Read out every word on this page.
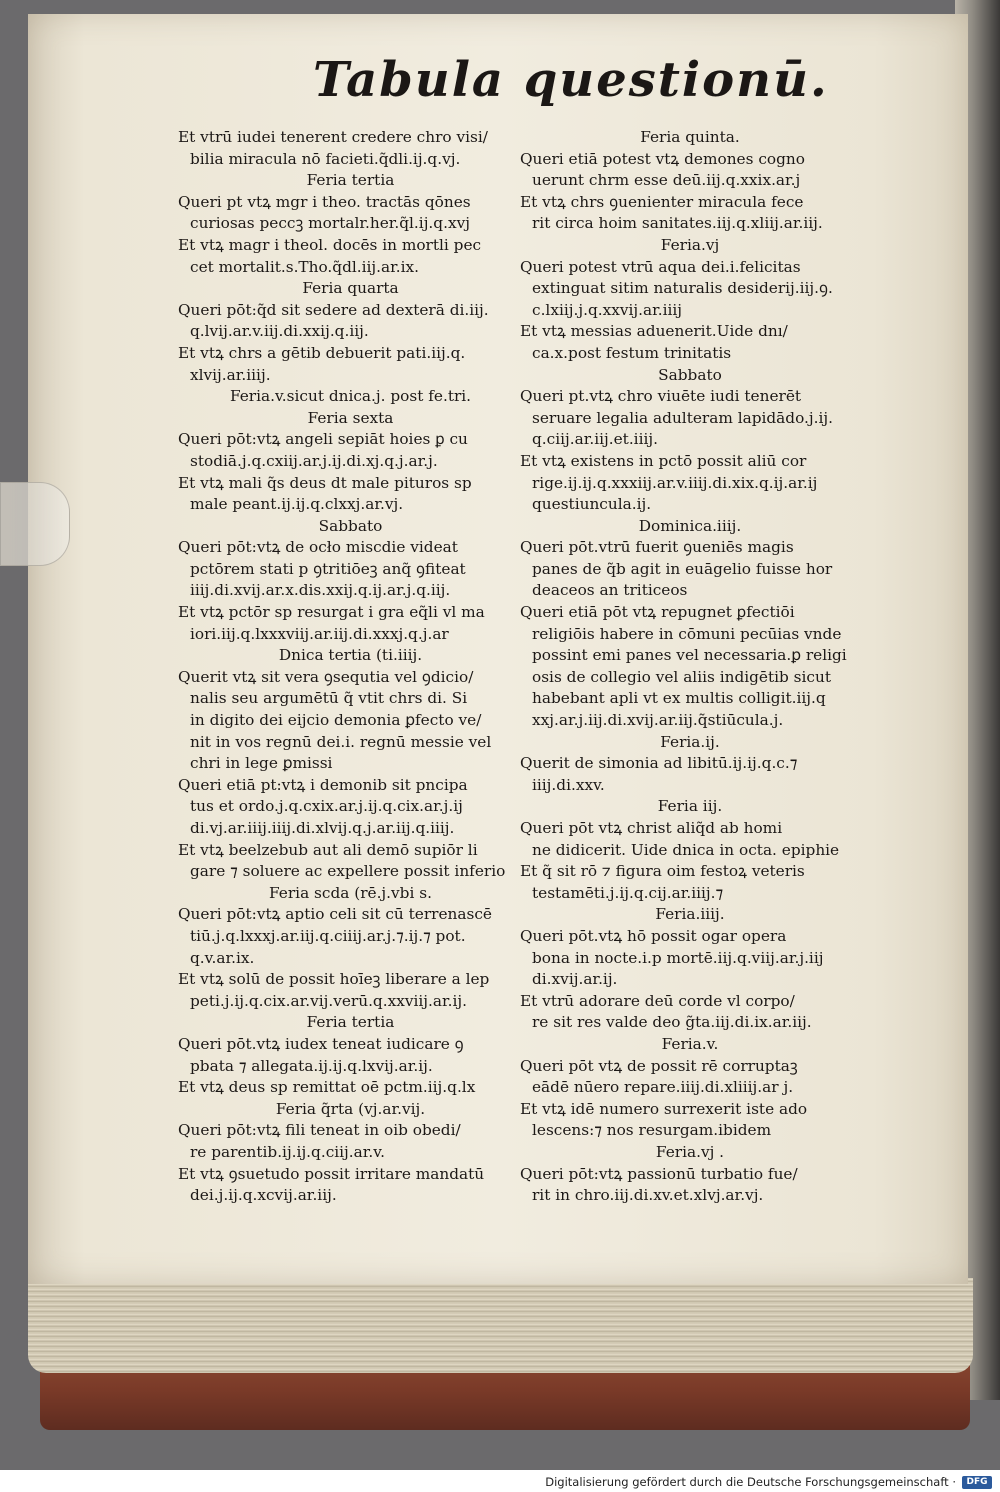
Tabula questionū.
Et vtrū iudei tenerent credere chro visi/
bilia miracula nō facieti.q̃dli.ij.q.vj.
Feria tertia
Queri pt vtꝝ mgr i theo. tractās qōnes
curiosas peccꝫ mortalr.her.q̃l.ij.q.xvj
Et vtꝝ magr i theol. docēs in mortli pec
cet mortalit.s.Tho.q̃dl.iij.ar.ix.
Feria quarta
Queri pōt:q̃d sit sedere ad dexterā di.iij.
q.lvij.ar.v.iij.di.xxij.q.iij.
Et vtꝝ chrs a gētib debuerit pati.iij.q.
xlvij.ar.iiij.
Feria.v.sicut dnica.j. post fe.tri.
Feria sexta
Queri pōt:vtꝝ angeli sepiāt hoies ꝑ cu
stodiā.j.q.cxiij.ar.j.ij.di.xj.q.j.ar.j.
Et vtꝝ mali q̃s deus dt male pituros sp
male peant.ij.ij.q.clxxj.ar.vj.
Sabbato
Queri pōt:vtꝝ de ocło miscdie videat
pctōrem stati p ꝯtritiōeꝫ anq̃ ꝯfiteat
iiij.di.xvij.ar.x.dis.xxij.q.ij.ar.j.q.iij.
Et vtꝝ pctōr sp resurgat i gra eq̃li vl ma
iori.iij.q.lxxxviij.ar.iij.di.xxxj.q.j.ar
Dnica tertia (ti.iiij.
Querit vtꝝ sit vera ꝯsequtia vel ꝯdicio/
nalis seu argumētū q̃ vtit chrs di. Si
in digito dei eijcio demonia ꝑfecto ve/
nit in vos regnū dei.i. regnū messie vel
chri in lege ꝑmissi
Queri etiā pt:vtꝝ i demonib sit pncipa
tus et ordo.j.q.cxix.ar.j.ij.q.cix.ar.j.ij
di.vj.ar.iiij.iiij.di.xlvij.q.j.ar.iij.q.iiij.
Et vtꝝ beelzebub aut ali demō supiōr li
gare ⁊ soluere ac expellere possit inferio
Feria scda (rē.j.vbi s.
Queri pōt:vtꝝ aptio celi sit cū terrenascē
tiū.j.q.lxxxj.ar.iij.q.ciiij.ar.j.⁊.ij.⁊ pot.
q.v.ar.ix.
Et vtꝝ solū de possit hoīeꝫ liberare a lep
peti.j.ij.q.cix.ar.vij.verū.q.xxviij.ar.ij.
Feria tertia
Queri pōt.vtꝝ iudex teneat iudicare ꝯ
pbata ⁊ allegata.ij.ij.q.lxvij.ar.ij.
Et vtꝝ deus sp remittat oē pctm.iij.q.lx
Feria q̃rta (vj.ar.vij.
Queri pōt:vtꝝ fili teneat in oib obedi/
re parentib.ij.ij.q.ciij.ar.v.
Et vtꝝ ꝯsuetudo possit irritare mandatū
dei.j.ij.q.xcvij.ar.iij.
Feria quinta.
Queri etiā potest vtꝝ demones cogno
uerunt chrm esse deū.iij.q.xxix.ar.j
Et vtꝝ chrs ꝯuenienter miracula fece
rit circa hoim sanitates.iij.q.xliij.ar.iij.
Feria.vj
Queri potest vtrū aqua dei.i.felicitas
extinguat sitim naturalis desiderij.iij.ꝯ.
c.lxiij.j.q.xxvij.ar.iiij
Et vtꝝ messias aduenerit.Uide dnı/
ca.x.post festum trinitatis
Sabbato
Queri pt.vtꝝ chro viuēte iudi tenerēt
seruare legalia adulteram lapidādo.j.ij.
q.ciij.ar.iij.et.iiij.
Et vtꝝ existens in pctō possit aliū cor
rige.ij.ij.q.xxxiij.ar.v.iiij.di.xix.q.ij.ar.ij
questiuncula.ij.
Dominica.iiij.
Queri pōt.vtrū fuerit ꝯueniēs magis
panes de q̃b agit in euāgelio fuisse hor
deaceos an triticeos
Queri etiā pōt vtꝝ repugnet ꝑfectiōi
religiōis habere in cōmuni pecūias vnde
possint emi panes vel necessaria.ꝑ religi
osis de collegio vel aliis indigētib sicut
habebant apli vt ex multis colligit.iij.q
xxj.ar.j.iij.di.xvij.ar.iij.q̃stiūcula.j.
Feria.ij.
Querit de simonia ad libitū.ij.ij.q.c.⁊
iiij.di.xxv.
Feria iij.
Queri pōt vtꝝ christ aliq̃d ab homi
ne didicerit. Uide dnica in octa. epiphie
Et q̃ sit rō ⁊ figura oim festoꝝ veteris
testamēti.j.ij.q.cij.ar.iiij.⁊
Feria.iiij.
Queri pōt.vtꝝ hō possit ogar opera
bona in nocte.i.p mortē.iij.q.viij.ar.j.iij
di.xvij.ar.ij.
Et vtrū adorare deū corde vl corpo/
re sit res valde deo g̃ta.iij.di.ix.ar.iij.
Feria.v.
Queri pōt vtꝝ de possit rē corruptaꝫ
eādē nūero repare.iiij.di.xliiij.ar j.
Et vtꝝ idē numero surrexerit iste ado
lescens:⁊ nos resurgam.ibidem
Feria.vj .
Queri pōt:vtꝝ passionū turbatio fue/
rit in chro.iij.di.xv.et.xlvj.ar.vj.
Digitalisierung gefördert durch die Deutsche Forschungsgemeinschaft ·	DFG
